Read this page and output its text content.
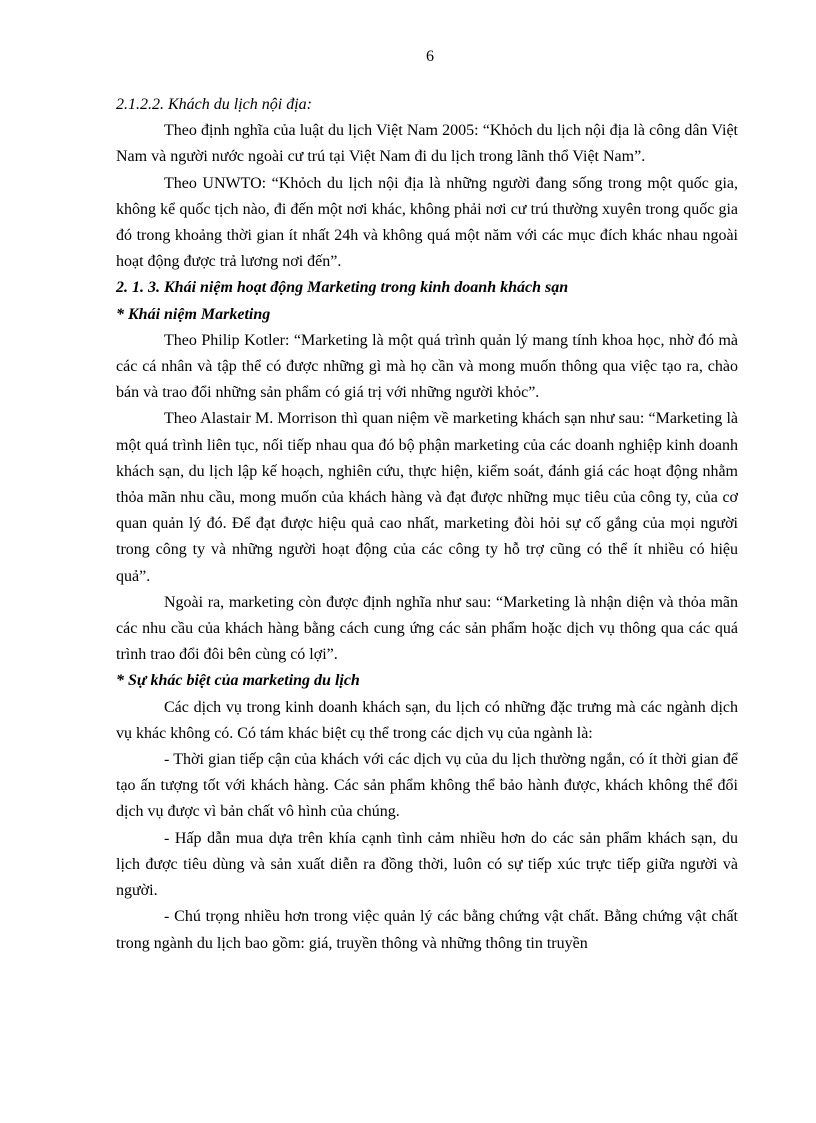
6

2.1.2.2. Khách du lịch nội địa:

Theo định nghĩa của luật du lịch Việt Nam 2005: “Khỏch du lịch nội địa là công dân Việt Nam và người nước ngoài cư trú tại Việt Nam đi du lịch trong lãnh thổ Việt Nam”.

Theo UNWTO: “Khỏch du lịch nội địa là những người đang sống trong một quốc gia, không kể quốc tịch nào, đi đến một nơi khác, không phải nơi cư trú thường xuyên trong quốc gia đó trong khoảng thời gian ít nhất 24h và không quá một năm với các mục đích khác nhau ngoài hoạt động được trả lương nơi đến”.

2. 1. 3. Khái niệm hoạt động Marketing trong kinh doanh khách sạn

* Khái niệm Marketing

Theo Philip Kotler: “Marketing là một quá trình quản lý mang tính khoa học, nhờ đó mà các cá nhân và tập thể có được những gì mà họ cần và mong muốn thông qua việc tạo ra, chào bán và trao đổi những sản phẩm có giá trị với những người khỏc”.

Theo Alastair M. Morrison thì quan niệm về marketing khách sạn như sau: “Marketing là một quá trình liên tục, nối tiếp nhau qua đó bộ phận marketing của các doanh nghiệp kinh doanh khách sạn, du lịch lập kế hoạch, nghiên cứu, thực hiện, kiểm soát, đánh giá các hoạt động nhằm thỏa mãn nhu cầu, mong muốn của khách hàng và đạt được những mục tiêu của công ty, của cơ quan quản lý đó. Để đạt được hiệu quả cao nhất, marketing đòi hỏi sự cố gắng của mọi người trong công ty và những người hoạt động của các công ty hỗ trợ cũng có thể ít nhiều có hiệu quả”.

Ngoài ra, marketing còn được định nghĩa như sau: “Marketing là nhận diện và thỏa mãn các nhu cầu của khách hàng bằng cách cung ứng các sản phẩm hoặc dịch vụ thông qua các quá trình trao đổi đôi bên cùng có lợi”.

* Sự khác biệt của marketing du lịch

Các dịch vụ trong kinh doanh khách sạn, du lịch có những đặc trưng mà các ngành dịch vụ khác không có. Có tám khác biệt cụ thể trong các dịch vụ của ngành là:

- Thời gian tiếp cận của khách với các dịch vụ của du lịch thường ngắn, có ít thời gian để tạo ấn tượng tốt với khách hàng. Các sản phẩm không thể bảo hành được, khách không thể đổi dịch vụ được vì bản chất vô hình của chúng.

- Hấp dẫn mua dựa trên khía cạnh tình cảm nhiều hơn do các sản phẩm khách sạn, du lịch được tiêu dùng và sản xuất diễn ra đồng thời, luôn có sự tiếp xúc trực tiếp giữa người và người.

- Chú trọng nhiều hơn trong việc quản lý các bằng chứng vật chất. Bằng chứng vật chất trong ngành du lịch bao gồm: giá, truyền thông và những thông tin truyền
